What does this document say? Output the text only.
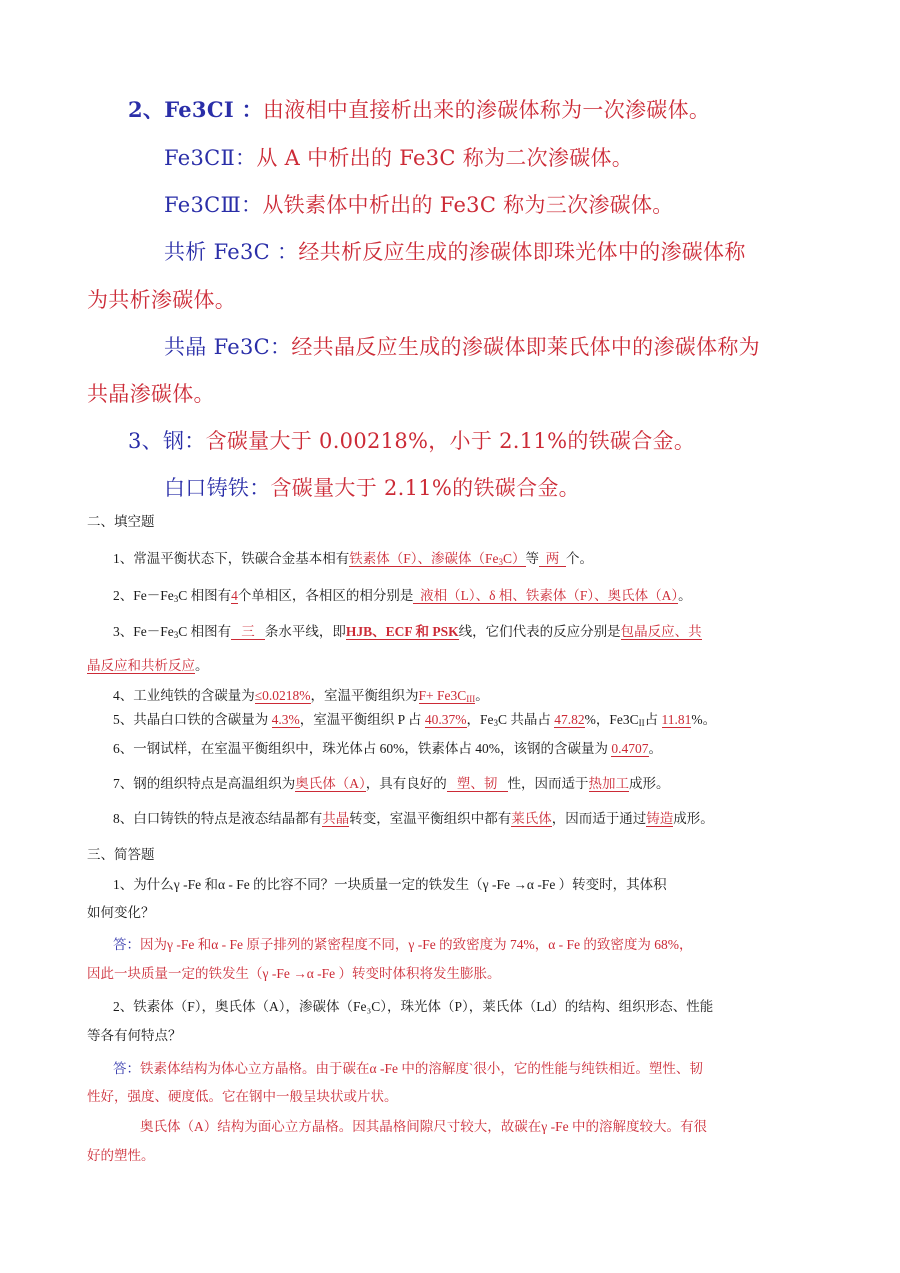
2、Fe3CⅠ ：由液相中直接析出来的渗碳体称为一次渗碳体。
Fe3CⅡ：从 A 中析出的 Fe3C 称为二次渗碳体。
Fe3CⅢ：从铁素体中析出的 Fe3C 称为三次渗碳体。
共析 Fe3C ：经共析反应生成的渗碳体即珠光体中的渗碳体称
为共析渗碳体。
共晶 Fe3C：经共晶反应生成的渗碳体即莱氏体中的渗碳体称为
共晶渗碳体。
3、钢：含碳量大于 0.00218%，小于 2.11%的铁碳合金。
白口铸铁：含碳量大于 2.11%的铁碳合金。
二、填空题
1、常温平衡状态下，铁碳合金基本相有铁素体（F）、渗碳体$(Fe_3C)$等  两  个。
2、$Fe-Fe_3C$ 相图有4个单相区，各相区的相分别是  液相（L）、δ 相、铁素体（F）、奥氏体（A）。
3、$Fe-Fe_3C$ 相图有   三   条水平线，即HJB、ECF 和 PSK线，它们代表的反应分别是包晶反应、共
晶反应和共析反应。
4、工业纯铁的含碳量为≤0.0218%，室温平衡组织为$F+ Fe3C_{III}$。
5、共晶白口铁的含碳量为 4.3%，室温平衡组织 P 占 40.37%，$Fe_3C$ 共晶占 47.82%，$Fe3C_{II}$占 11.81%。
6、一钢试样，在室温平衡组织中，珠光体占 60%，铁素体占 40%，该钢的含碳量为 0.4707。
7、钢的组织特点是高温组织为奥氏体（A），具有良好的   塑、韧   性，因而适于热加工成形。
8、白口铸铁的特点是液态结晶都有共晶转变，室温平衡组织中都有莱氏体，因而适于通过铸造成形。
三、简答题
1、为什么γ -Fe 和α - Fe 的比容不同？一块质量一定的铁发生（γ -Fe →α -Fe ）转变时，其体积
如何变化？
答：因为γ -Fe 和α - Fe 原子排列的紧密程度不同，γ -Fe 的致密度为 74%，α - Fe 的致密度为 68%，
因此一块质量一定的铁发生（γ -Fe →α -Fe ）转变时体积将发生膨胀。
2、铁素体（F），奥氏体（A），渗碳体（Fe₃C），珠光体（P），莱氏体（Ld）的结构、组织形态、性能
等各有何特点？
答：铁素体结构为体心立方晶格。由于碳在α -Fe 中的溶解度`很小，它的性能与纯铁相近。塑性、韧
性好，强度、硬度低。它在钢中一般呈块状或片状。
奥氏体（A）结构为面心立方晶格。因其晶格间隙尺寸较大，故碳在γ -Fe 中的溶解度较大。有很
好的塑性。
